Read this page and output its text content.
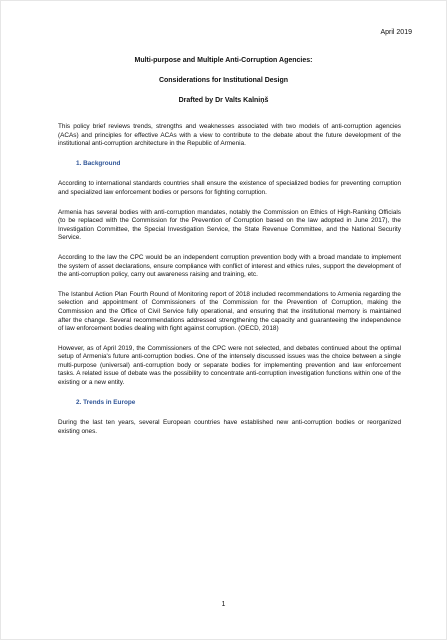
April 2019
Multi-purpose and Multiple Anti-Corruption Agencies:
Considerations for Institutional Design
Drafted by Dr Valts Kalniņš

This policy brief reviews trends, strengths and weaknesses associated with two models of anti-corruption agencies (ACAs) and principles for effective ACAs with a view to contribute to the debate about the future development of the institutional anti-corruption architecture in the Republic of Armenia.

1. Background

According to international standards countries shall ensure the existence of specialized bodies for preventing corruption and specialized law enforcement bodies or persons for fighting corruption.

Armenia has several bodies with anti-corruption mandates, notably the Commission on Ethics of High-Ranking Officials (to be replaced with the Commission for the Prevention of Corruption based on the law adopted in June 2017), the Investigation Committee, the Special Investigation Service, the State Revenue Committee, and the National Security Service.

According to the law the CPC would be an independent corruption prevention body with a broad mandate to implement the system of asset declarations, ensure compliance with conflict of interest and ethics rules, support the development of the anti-corruption policy, carry out awareness raising and training, etc.

The Istanbul Action Plan Fourth Round of Monitoring report of 2018 included recommendations to Armenia regarding the selection and appointment of Commissioners of the Commission for the Prevention of Corruption, making the Commission and the Office of Civil Service fully operational, and ensuring that the institutional memory is maintained after the change. Several recommendations addressed strengthening the capacity and guaranteeing the independence of law enforcement bodies dealing with fight against corruption. (OECD, 2018)

However, as of April 2019, the Commissioners of the CPC were not selected, and debates continued about the optimal setup of Armenia's future anti-corruption bodies. One of the intensely discussed issues was the choice between a single multi-purpose (universal) anti-corruption body or separate bodies for implementing prevention and law enforcement tasks. A related issue of debate was the possibility to concentrate anti-corruption investigation functions within one of the existing or a new entity.

2. Trends in Europe

During the last ten years, several European countries have established new anti-corruption bodies or reorganized existing ones.

1
